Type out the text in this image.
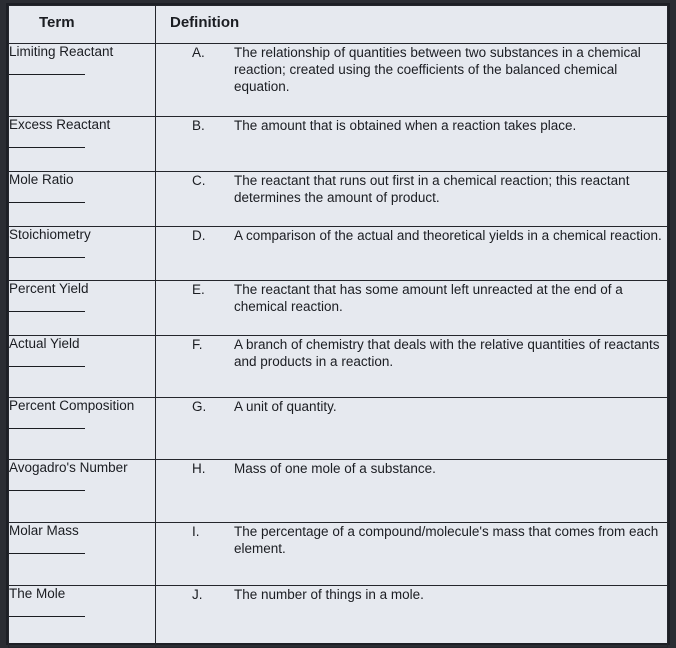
Term	Definition

Limiting Reactant	A. The relationship of quantities between two substances in a chemical reaction; created using the coefficients of the balanced chemical equation.

Excess Reactant	B. The amount that is obtained when a reaction takes place.

Mole Ratio	C. The reactant that runs out first in a chemical reaction; this reactant determines the amount of product.

Stoichiometry	D. A comparison of the actual and theoretical yields in a chemical reaction.

Percent Yield	E. The reactant that has some amount left unreacted at the end of a chemical reaction.

Actual Yield	F. A branch of chemistry that deals with the relative quantities of reactants and products in a reaction.

Percent Composition	G. A unit of quantity.

Avogadro's Number	H. Mass of one mole of a substance.

Molar Mass	I. The percentage of a compound/molecule's mass that comes from each element.

The Mole	J. The number of things in a mole.
